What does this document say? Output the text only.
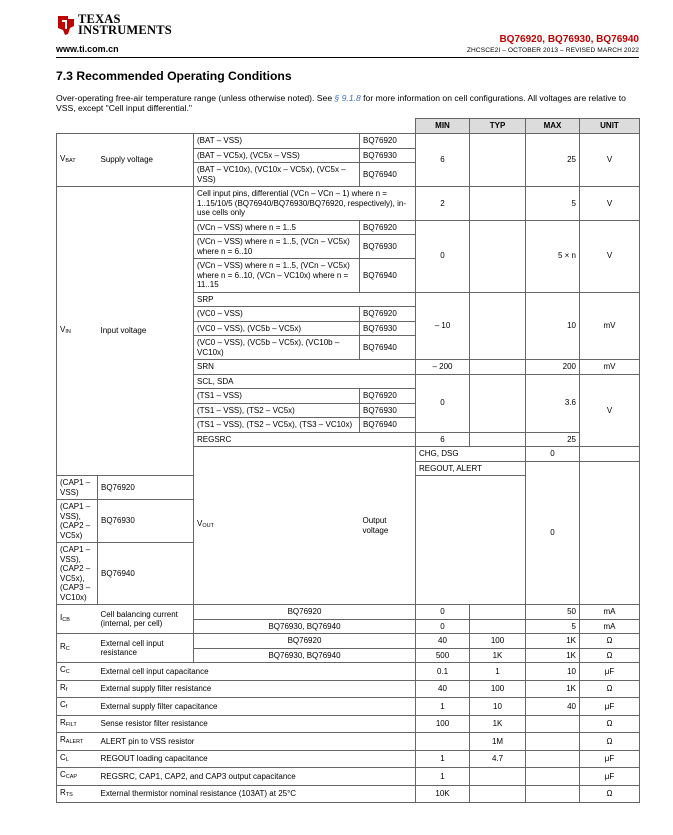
TEXAS
INSTRUMENTS
www.ti.com.cn
BQ76920, BQ76930, BQ76940
ZHCSCE2I – OCTOBER 2013 – REVISED MARCH 2022
7.3 Recommended Operating Conditions
Over-operating free-air temperature range (unless otherwise noted). See § 9.1.8 for more information on cell configurations. All voltages are relative to VSS, except "Cell input differential."
				MIN	TYP	MAX	UNIT	
$V_{BAT}$	Supply voltage	(BAT – VSS)	BQ76920	6		25	V	
		(BAT – VC5x), (VC5x – VSS)	BQ76930					
		(BAT – VC10x), (VC10x – VC5x), (VC5x – VSS)	BQ76940					
$V_{IN}$	Input voltage	Cell input pins, differential (VCn – VCn – 1) where n = 1..15/10/5 (BQ76940/BQ76930/BQ76920, respectively), in-use cells only		2		5	V	
		(VCn – VSS) where n = 1..5	BQ76920	0		5 × n	V	
		(VCn – VSS) where n = 1..5, (VCn – VC5x) where n = 6..10	BQ76930					
		(VCn – VSS) where n = 1..5, (VCn – VC5x) where n = 6..10, (VCn – VC10x) where n = 11..15	BQ76940					
		SRP		– 10		10	mV	
		(VC0 – VSS)	BQ76920					
		(VC0 – VSS), (VC5b – VC5x)	BQ76930					
		(VC0 – VSS), (VC5b – VC5x), (VC10b – VC10x)	BQ76940					
		SRN		– 200		200	mV	
		SCL, SDA		0		3.6	V	
		(TS1 – VSS)	BQ76920					
		(TS1 – VSS), (TS2 – VC5x)	BQ76930					
		(TS1 – VSS), (TS2 – VC5x), (TS3 – VC10x)	BQ76940					
		REGSRC		6		25		
		$V_{OUT}$	Output voltage	CHG, DSG		0			
				REGOUT, ALERT		0			
(CAP1 – VSS)	BQ76920							
(CAP1 – VSS), (CAP2 – VC5x)	BQ76930							
(CAP1 – VSS), (CAP2 – VC5x), (CAP3 – VC10x)	BQ76940							
$I_{CB}$	Cell balancing current (internal, per cell)	BQ76920		0		50	mA	
		BQ76930, BQ76940		0		5	mA	
$R_C$	External cell input resistance	BQ76920		40	100	1K	Ω	
		BQ76930, BQ76940		500	1K	1K	Ω	
$C_C$	External cell input capacitance			0.1	1	10	μF	
$R_f$	External supply filter resistance			40	100	1K	Ω	
$C_f$	External supply filter capacitance			1	10	40	μF	
$R_{FILT}$	Sense resistor filter resistance			100	1K		Ω	
$R_{ALERT}$	ALERT pin to VSS resistor				1M		Ω	
$C_L$	REGOUT loading capacitance			1	4.7		μF	
$C_{CAP}$	REGSRC, CAP1, CAP2, and CAP3 output capacitance			1			μF	
$R_{TS}$	External thermistor nominal resistance (103AT) at 25°C			10K			Ω	
